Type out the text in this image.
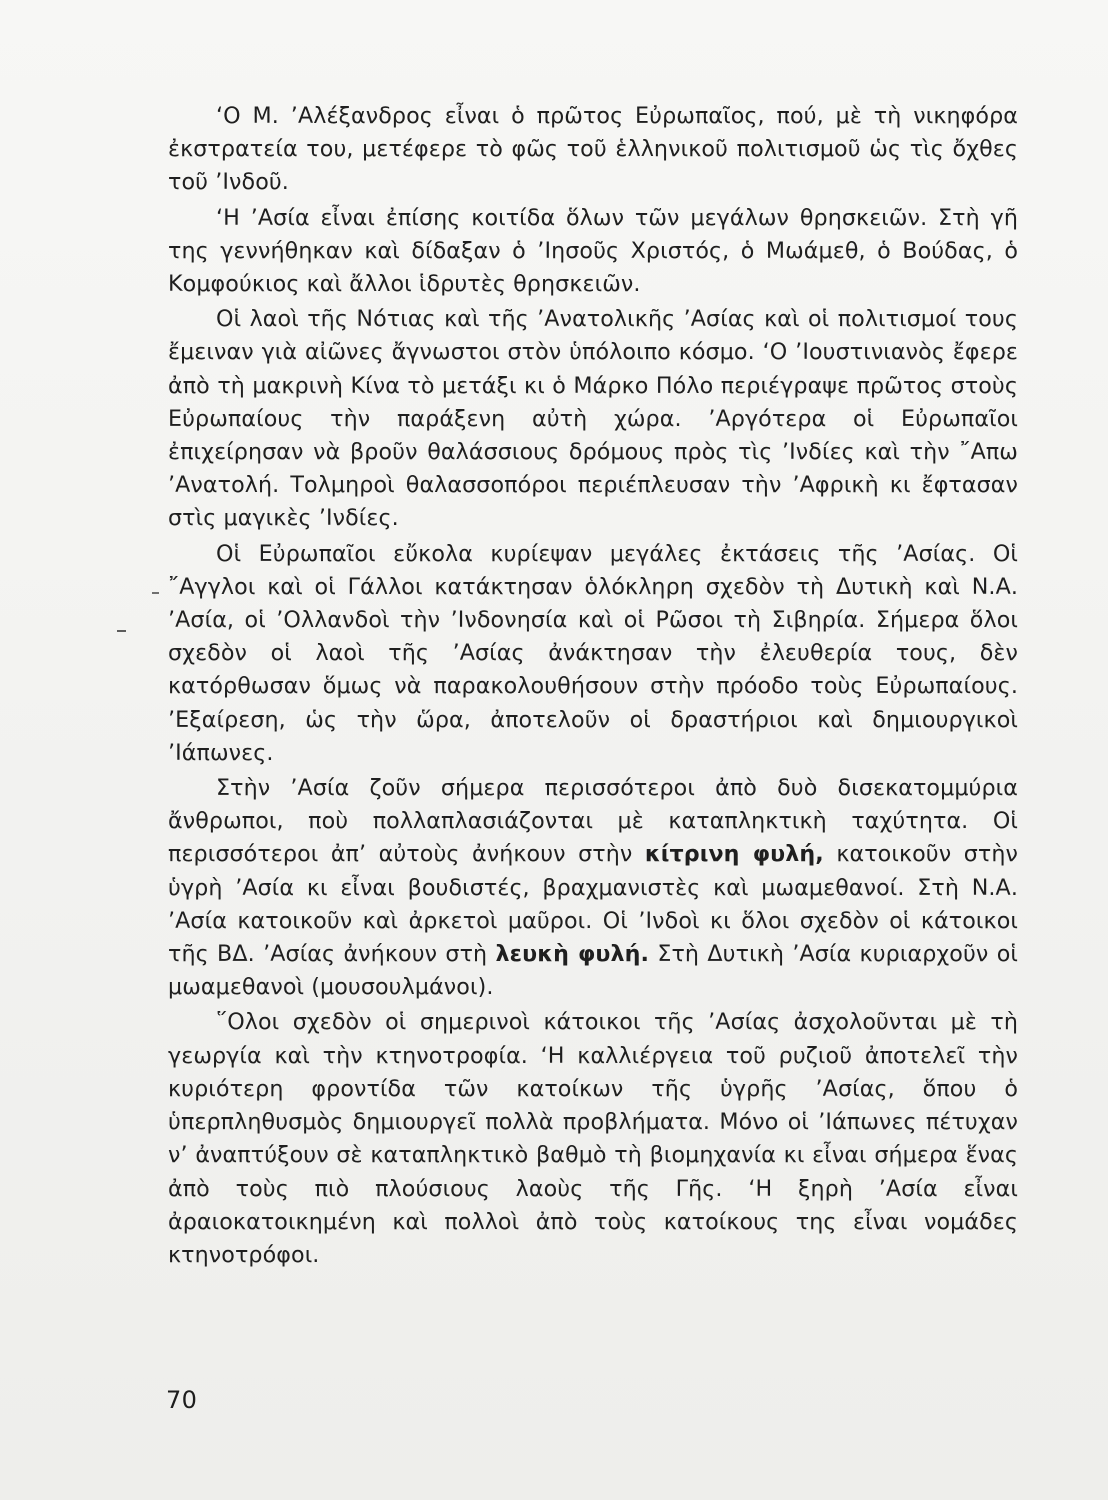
‘Ο Μ. ’Αλέξανδρος εἶναι ὁ πρῶτος Εὐρωπαῖος, πού, μὲ τὴ νικηφόρα ἐκστρατεία του, μετέφερε τὸ φῶς τοῦ ἑλληνικοῦ πολιτισμοῦ ὡς τὶς ὄχθες τοῦ ’Ινδοῦ.

‘Η ’Ασία εἶναι ἐπίσης κοιτίδα ὅλων τῶν μεγάλων θρησκειῶν. Στὴ γῆ της γεννήθηκαν καὶ δίδαξαν ὁ ’Ιησοῦς Χριστός, ὁ Μωάμεθ, ὁ Βούδας, ὁ Κομφούκιος καὶ ἄλλοι ἱδρυτὲς θρησκειῶν.

Οἱ λαοὶ τῆς Νότιας καὶ τῆς ’Ανατολικῆς ’Ασίας καὶ οἱ πολιτισμοί τους ἔμειναν γιὰ αἰῶνες ἄγνωστοι στὸν ὑπόλοιπο κόσμο. ‘Ο ’Ιουστινιανὸς ἔφερε ἀπὸ τὴ μακρινὴ Κίνα τὸ μετάξι κι ὁ Μάρκο Πόλο περιέγραψε πρῶτος στοὺς Εὐρωπαίους τὴν παράξενη αὐτὴ χώρα. ’Αργότερα οἱ Εὐρωπαῖοι ἐπιχείρησαν νὰ βροῦν θαλάσσιους δρόμους πρὸς τὶς ’Ινδίες καὶ τὴν ῎Απω ’Ανατολή. Τολμηροὶ θαλασσοπόροι περιέπλευσαν τὴν ’Αφρικὴ κι ἔφτασαν στὶς μαγικὲς ’Ινδίες.

Οἱ Εὐρωπαῖοι εὔκολα κυρίεψαν μεγάλες ἐκτάσεις τῆς ’Ασίας. Οἱ ῎Αγγλοι καὶ οἱ Γάλλοι κατάκτησαν ὁλόκληρη σχεδὸν τὴ Δυτικὴ καὶ Ν.Α. ’Ασία, οἱ ’Ολλανδοὶ τὴν ’Ινδονησία καὶ οἱ Ρῶσοι τὴ Σιβηρία. Σήμερα ὅλοι σχεδὸν οἱ λαοὶ τῆς ’Ασίας ἀνάκτησαν τὴν ἐλευθερία τους, δὲν κατόρθωσαν ὅμως νὰ παρακολουθήσουν στὴν πρόοδο τοὺς Εὐρωπαίους. ’Εξαίρεση, ὡς τὴν ὥρα, ἀποτελοῦν οἱ δραστήριοι καὶ δημιουργικοὶ ’Ιάπωνες.

Στὴν ’Ασία ζοῦν σήμερα περισσότεροι ἀπὸ δυὸ δισεκατομμύρια ἄνθρωποι, ποὺ πολλαπλασιάζονται μὲ καταπληκτικὴ ταχύτητα. Οἱ περισσότεροι ἀπ’ αὐτοὺς ἀνήκουν στὴν κίτρινη φυλή, κατοικοῦν στὴν ὑγρὴ ’Ασία κι εἶναι βουδιστές, βραχμανιστὲς καὶ μωαμεθανοί. Στὴ Ν.Α. ’Ασία κατοικοῦν καὶ ἀρκετοὶ μαῦροι. Οἱ ’Ινδοὶ κι ὅλοι σχεδὸν οἱ κάτοικοι τῆς ΒΔ. ’Ασίας ἀνήκουν στὴ λευκὴ φυλή. Στὴ Δυτικὴ ’Ασία κυριαρχοῦν οἱ μωαμεθανοὶ (μουσουλμάνοι).

῞Ολοι σχεδὸν οἱ σημερινοὶ κάτοικοι τῆς ’Ασίας ἀσχολοῦνται μὲ τὴ γεωργία καὶ τὴν κτηνοτροφία. ‘Η καλλιέργεια τοῦ ρυζιοῦ ἀποτελεῖ τὴν κυριότερη φροντίδα τῶν κατοίκων τῆς ὑγρῆς ’Ασίας, ὅπου ὁ ὑπερπληθυσμὸς δημιουργεῖ πολλὰ προβλήματα. Μόνο οἱ ’Ιάπωνες πέτυχαν ν’ ἀναπτύξουν σὲ καταπληκτικὸ βαθμὸ τὴ βιομηχανία κι εἶναι σήμερα ἕνας ἀπὸ τοὺς πιὸ πλούσιους λαοὺς τῆς Γῆς. ‘Η ξηρὴ ’Ασία εἶναι ἀραιοκατοικημένη καὶ πολλοὶ ἀπὸ τοὺς κατοίκους της εἶναι νομάδες κτηνοτρόφοι.

70
